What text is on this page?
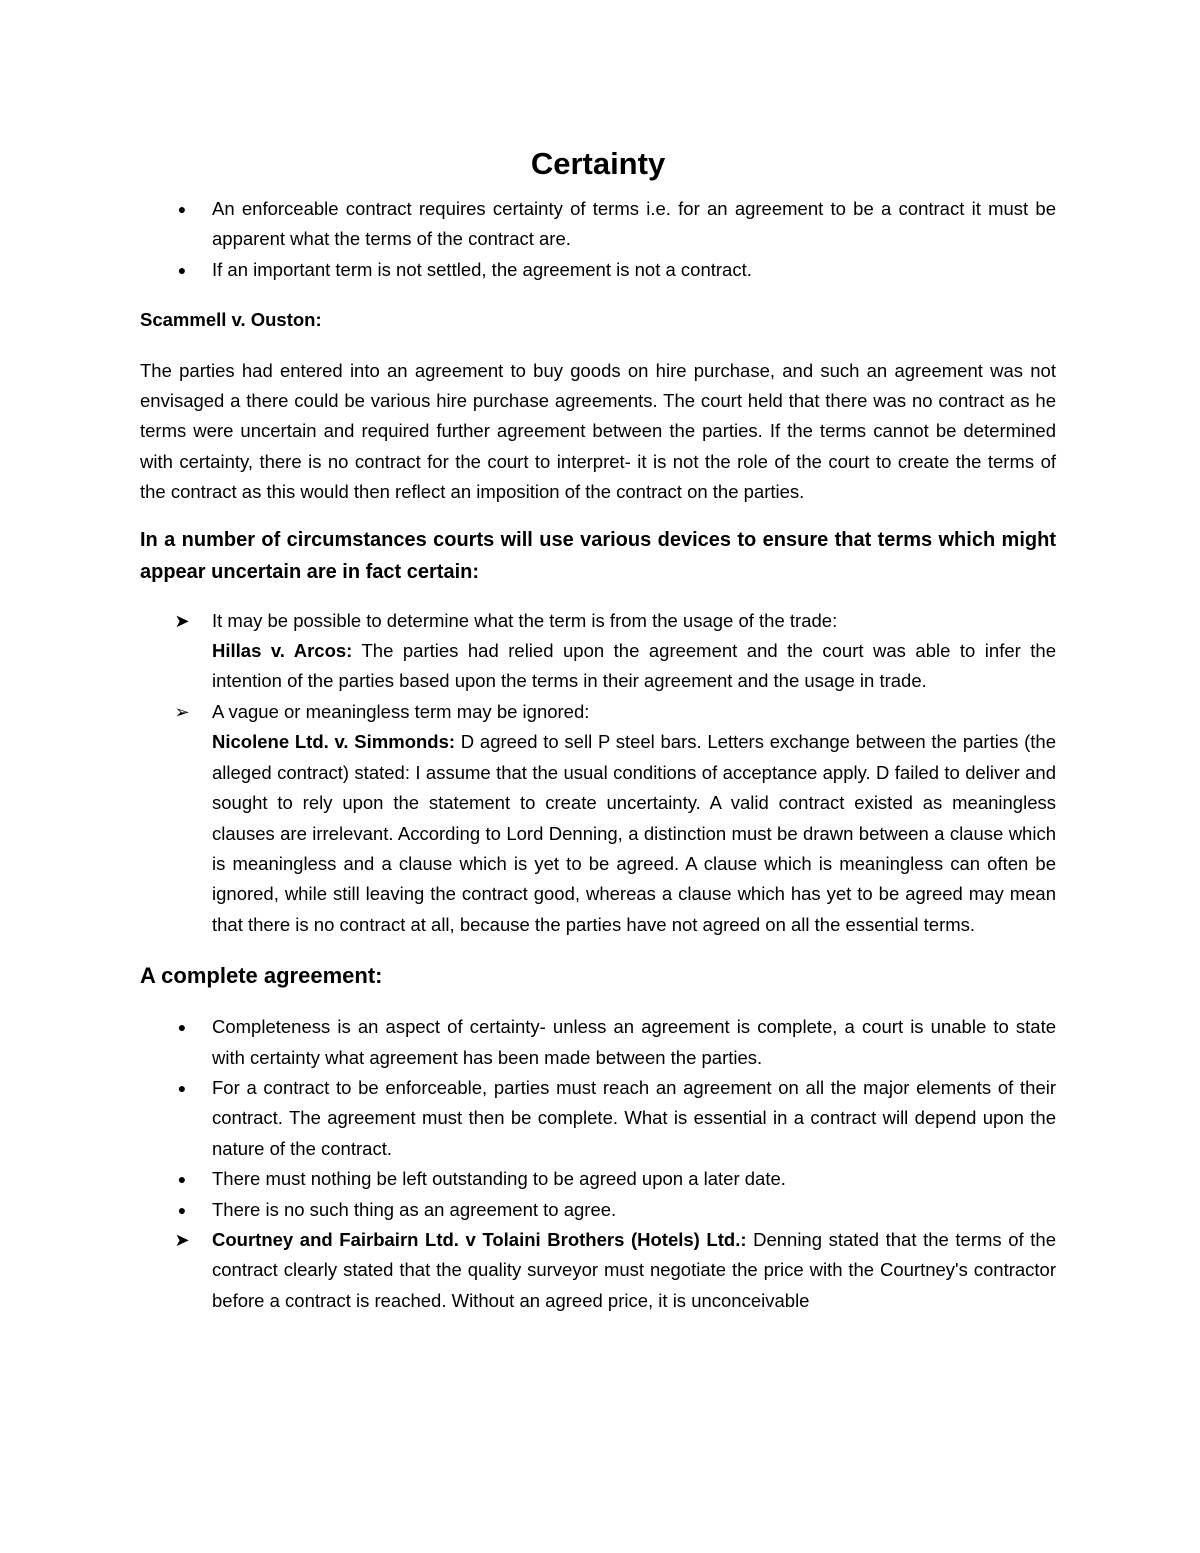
Certainty
●	An enforceable contract requires certainty of terms i.e. for an agreement to be a contract it must be apparent what the terms of the contract are.
●	If an important term is not settled, the agreement is not a contract.

Scammell v. Ouston:

The parties had entered into an agreement to buy goods on hire purchase, and such an agreement was not envisaged a there could be various hire purchase agreements. The court held that there was no contract as he terms were uncertain and required further agreement between the parties. If the terms cannot be determined with certainty, there is no contract for the court to interpret- it is not the role of the court to create the terms of the contract as this would then reflect an imposition of the contract on the parties.

In a number of circumstances courts will use various devices to ensure that terms which might appear uncertain are in fact certain:

➤ It may be possible to determine what the term is from the usage of the trade:
Hillas v. Arcos: The parties had relied upon the agreement and the court was able to infer the intention of the parties based upon the terms in their agreement and the usage in trade.
➢ A vague or meaningless term may be ignored:
Nicolene Ltd. v. Simmonds: D agreed to sell P steel bars. Letters exchange between the parties (the alleged contract) stated: I assume that the usual conditions of acceptance apply. D failed to deliver and sought to rely upon the statement to create uncertainty. A valid contract existed as meaningless clauses are irrelevant. According to Lord Denning, a distinction must be drawn between a clause which is meaningless and a clause which is yet to be agreed. A clause which is meaningless can often be ignored, while still leaving the contract good, whereas a clause which has yet to be agreed may mean that there is no contract at all, because the parties have not agreed on all the essential terms.
A complete agreement:
●	Completeness is an aspect of certainty- unless an agreement is complete, a court is unable to state with certainty what agreement has been made between the parties.
●	For a contract to be enforceable, parties must reach an agreement on all the major elements of their contract. The agreement must then be complete. What is essential in a contract will depend upon the nature of the contract.
●	There must nothing be left outstanding to be agreed upon a later date.
●	There is no such thing as an agreement to agree.
➤ Courtney and Fairbairn Ltd. v Tolaini Brothers (Hotels) Ltd.: Denning stated that the terms of the contract clearly stated that the quality surveyor must negotiate the price with the Courtney's contractor before a contract is reached. Without an agreed price, it is unconceivable
